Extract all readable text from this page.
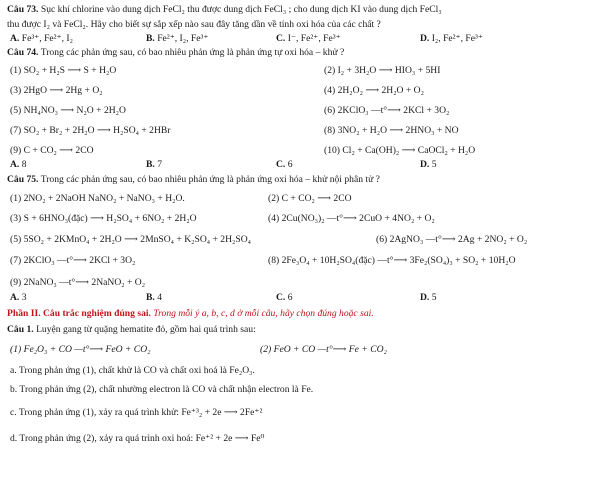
Câu 73. Sục khí chlorine vào dung dịch FeCl₂ thu được dung dịch FeCl₃ ; cho dung dịch KI vào dung dịch FeCl₃
thu được I₂ và FeCl₂. Hãy cho biết sự sắp xếp nào sau đây tăng dần về tính oxi hóa của các chất ?
A. Fe³⁺, Fe²⁺, I₂	B. Fe²⁺, I₂, Fe³⁺	C. I⁻, Fe²⁺, Fe³⁺	D. I₂, Fe²⁺, Fe³⁺
Câu 74. Trong các phản ứng sau, có bao nhiêu phản ứng là phản ứng tự oxi hóa – khử ?
(1) SO₂ + H₂S ⟶ S + H₂O	(2) I₂ + 3H₂O ⟶ HIO₃ + 5HI
(3) 2HgO ⟶ 2Hg + O₂	(4) 2H₂O₂ ⟶ 2H₂O + O₂
(5) NH₄NO₃ ⟶ N₂O + 2H₂O	(6) 2KClO₃ —t°⟶ 2KCl + 3O₂
(7) SO₂ + Br₂ + 2H₂O ⟶ H₂SO₄ + 2HBr	(8) 3NO₂ + H₂O ⟶ 2HNO₃ + NO
(9) C + CO₂ ⟶ 2CO	(10) Cl₂ + Ca(OH)₂ ⟶ CaOCl₂ + H₂O
A. 8	B. 7	C. 6	D. 5
Câu 75. Trong các phản ứng sau, có bao nhiêu phản ứng là phản ứng oxi hóa – khử nội phân tử ?
(1) 2NO₂ + 2NaOH NaNO₂ + NaNO₃ + H₂O.	(2) C + CO₂ ⟶ 2CO
(3) S + 6HNO₃(đặc) ⟶ H₂SO₄ + 6NO₂ + 2H₂O	(4) 2Cu(NO₃)₂ —t°⟶ 2CuO + 4NO₂ + O₂
(5) 5SO₂ + 2KMnO₄ + 2H₂O ⟶ 2MnSO₄ + K₂SO₄ + 2H₂SO₄	(6) 2AgNO₃ —t°⟶ 2Ag + 2NO₂ + O₂
(7) 2KClO₃ —t°⟶ 2KCl + 3O₂	(8) 2Fe₃O₄ + 10H₂SO₄(đặc) —t°⟶ 3Fe₂(SO₄)₃ + SO₂ + 10H₂O
(9) 2NaNO₃ —t°⟶ 2NaNO₂ + O₂
A. 3	B. 4	C. 6	D. 5
Phần II. Câu trắc nghiệm đúng sai. Trong mỗi ý a, b, c, d ở mỗi câu, hãy chọn đúng hoặc sai.
Câu 1. Luyện gang từ quặng hematite đỏ, gồm hai quá trình sau:
(1) Fe₂O₃ + CO —t°⟶ FeO + CO₂	(2) FeO + CO —t°⟶ Fe + CO₂
a. Trong phản ứng (1), chất khử là CO và chất oxi hoá là Fe₂O₃.
b. Trong phản ứng (2), chất nhường electron là CO và chất nhận electron là Fe.
c. Trong phản ứng (1), xảy ra quá trình khử: Fe⁺³₂ + 2e ⟶ 2Fe⁺²
d. Trong phản ứng (2), xảy ra quá trình oxi hoá: Fe⁺² + 2e ⟶ Fe⁰
